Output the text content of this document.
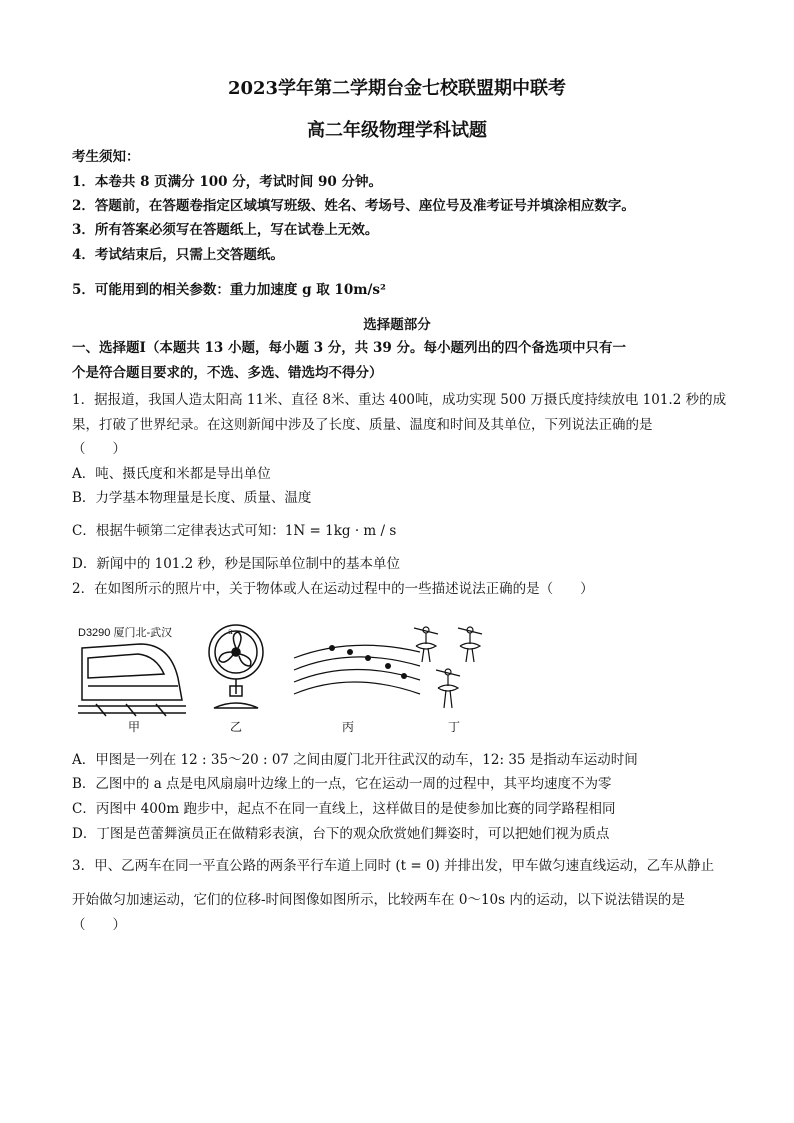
2023学年第二学期台金七校联盟期中联考
高二年级物理学科试题
考生须知：
1．本卷共 8 页满分 100 分，考试时间 90 分钟。
2．答题前，在答题卷指定区域填写班级、姓名、考场号、座位号及准考证号并填涂相应数字。
3．所有答案必须写在答题纸上，写在试卷上无效。
4．考试结束后，只需上交答题纸。
5．可能用到的相关参数：重力加速度 g 取 10m/s²
选择题部分
一、选择题Ⅰ（本题共 13 小题，每小题 3 分，共 39 分。每小题列出的四个备选项中只有一
个是符合题目要求的，不选、多选、错选均不得分）
1．据报道，我国人造太阳高 11米、直径 8米、重达 400吨，成功实现 500 万摄氏度持续放电 101.2 秒的成
果，打破了世界纪录。在这则新闻中涉及了长度、质量、温度和时间及其单位，下列说法正确的是
（　　）
A．吨、摄氏度和米都是导出单位
B．力学基本物理量是长度、质量、温度
C．根据牛顿第二定律表达式可知：1N = 1kg · m / s
D．新闻中的 101.2 秒，秒是国际单位制中的基本单位
2．在如图所示的照片中，关于物体或人在运动过程中的一些描述说法正确的是（　　）
D3290 厦门北-武汉	a
甲	乙	丙	丁
A．甲图是一列在 12 : 35～20 : 07 之间由厦门北开往武汉的动车，12: 35 是指动车运动时间
B．乙图中的 a 点是电风扇扇叶边缘上的一点，它在运动一周的过程中，其平均速度不为零
C．丙图中 400m 跑步中，起点不在同一直线上，这样做目的是使参加比赛的同学路程相同
D．丁图是芭蕾舞演员正在做精彩表演，台下的观众欣赏她们舞姿时，可以把她们视为质点
3．甲、乙两车在同一平直公路的两条平行车道上同时 (t = 0) 并排出发，甲车做匀速直线运动，乙车从静止
开始做匀加速运动，它们的位移-时间图像如图所示，比较两车在 0～10s 内的运动，以下说法错误的是
（　　）
